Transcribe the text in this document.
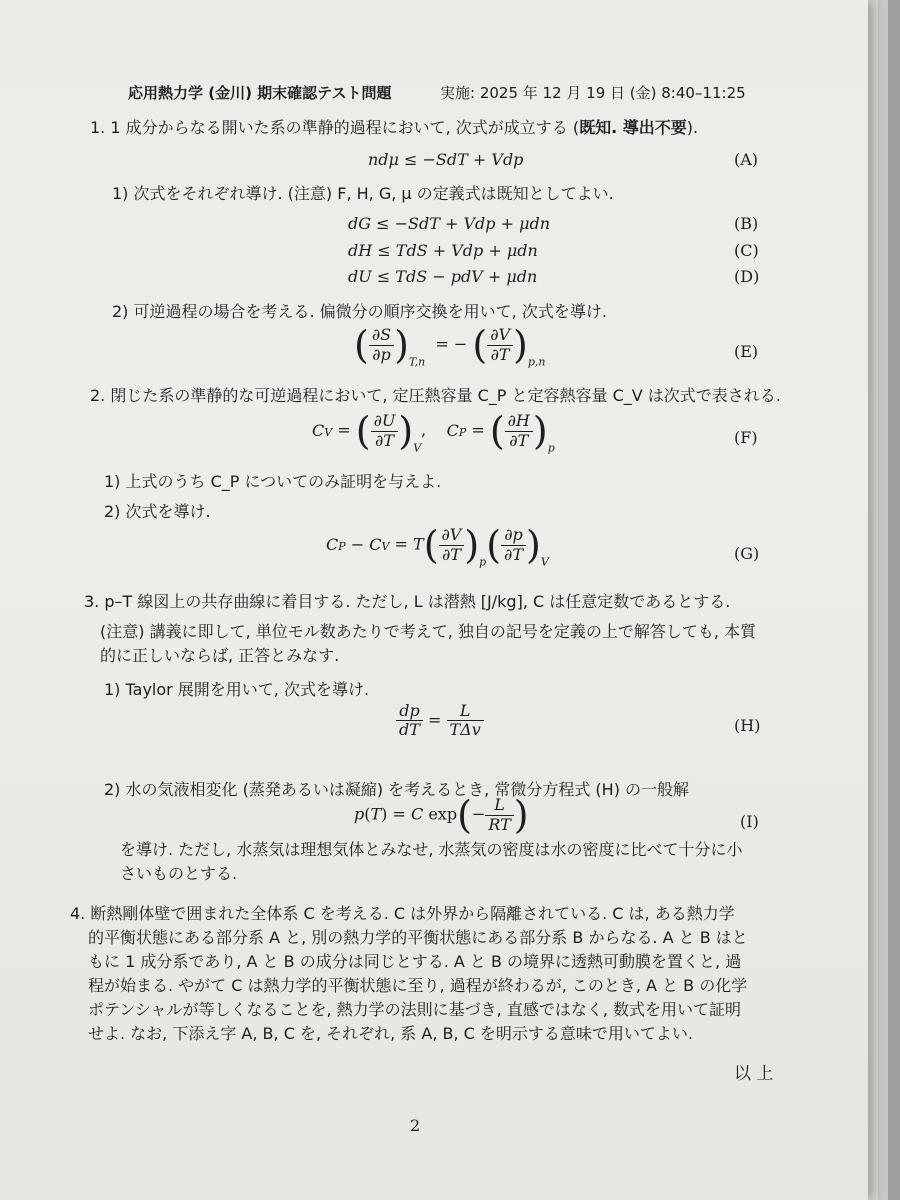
応用熱力学 (金川) 期末確認テスト問題	実施: 2025 年 12 月 19 日 (金) 8:40–11:25
1. 1 成分からなる開いた系の準静的過程において, 次式が成立する (既知. 導出不要).
ndμ ≤ −SdT + Vdp	(A)
1) 次式をそれぞれ導け. (注意) F, H, G, μ の定義式は既知としてよい.
dG ≤ −SdT + Vdp + μdn	(B)
dH ≤ TdS + Vdp + μdn	(C)
dU ≤ TdS − pdV + μdn	(D)
2) 可逆過程の場合を考える. 偏微分の順序交換を用いて, 次式を導け.
( $\frac{\partial S}{\partial p} )_{T,n}$  = − ( $\frac{\partial V}{\partial T} )_{p,n}$
(E)
2. 閉じた系の準静的な可逆過程において, 定圧熱容量 C_P と定容熱容量 C_V は次式で表される.
CV = ( $\frac{\partial U}{\partial T} )_V$,    CP = ( $\frac{\partial H}{\partial T} )_p$
(F)
1) 上式のうち C_P についてのみ証明を与えよ.
2) 次式を導け.
CP − CV = $T( \frac{\partial V}{\partial T} )_p( \frac{\partial p}{\partial T} )_V$	(G)
3. p–T 線図上の共存曲線に着目する. ただし, L は潜熱 [J/kg], C は任意定数であるとする.
(注意) 講義に即して, 単位モル数あたりで考えて, 独自の記号を定義の上で解答しても, 本質
的に正しいならば, 正答とみなす.
1) Taylor 展開を用いて, 次式を導け.
$\frac{dp}{dT} = \frac{L}{\text{TΔv}}$	(H)
2) 水の気液相変化 (蒸発あるいは凝縮) を考えるとき, 常微分方程式 (H) の一般解
p(T) = C $\exp(- \frac{L}{RT}$ )	(I)
を導け. ただし, 水蒸気は理想気体とみなせ, 水蒸気の密度は水の密度に比べて十分に小
さいものとする.
4. 断熱剛体壁で囲まれた全体系 C を考える. C は外界から隔離されている. C は, ある熱力学
的平衡状態にある部分系 A と, 別の熱力学的平衡状態にある部分系 B からなる. A と B はと
もに 1 成分系であり, A と B の成分は同じとする. A と B の境界に透熱可動膜を置くと, 過
程が始まる. やがて C は熱力学的平衡状態に至り, 過程が終わるが, このとき, A と B の化学
ポテンシャルが等しくなることを, 熱力学の法則に基づき, 直感ではなく, 数式を用いて証明
せよ. なお, 下添え字 A, B, C を, それぞれ, 系 A, B, C を明示する意味で用いてよい.
以 上
2
